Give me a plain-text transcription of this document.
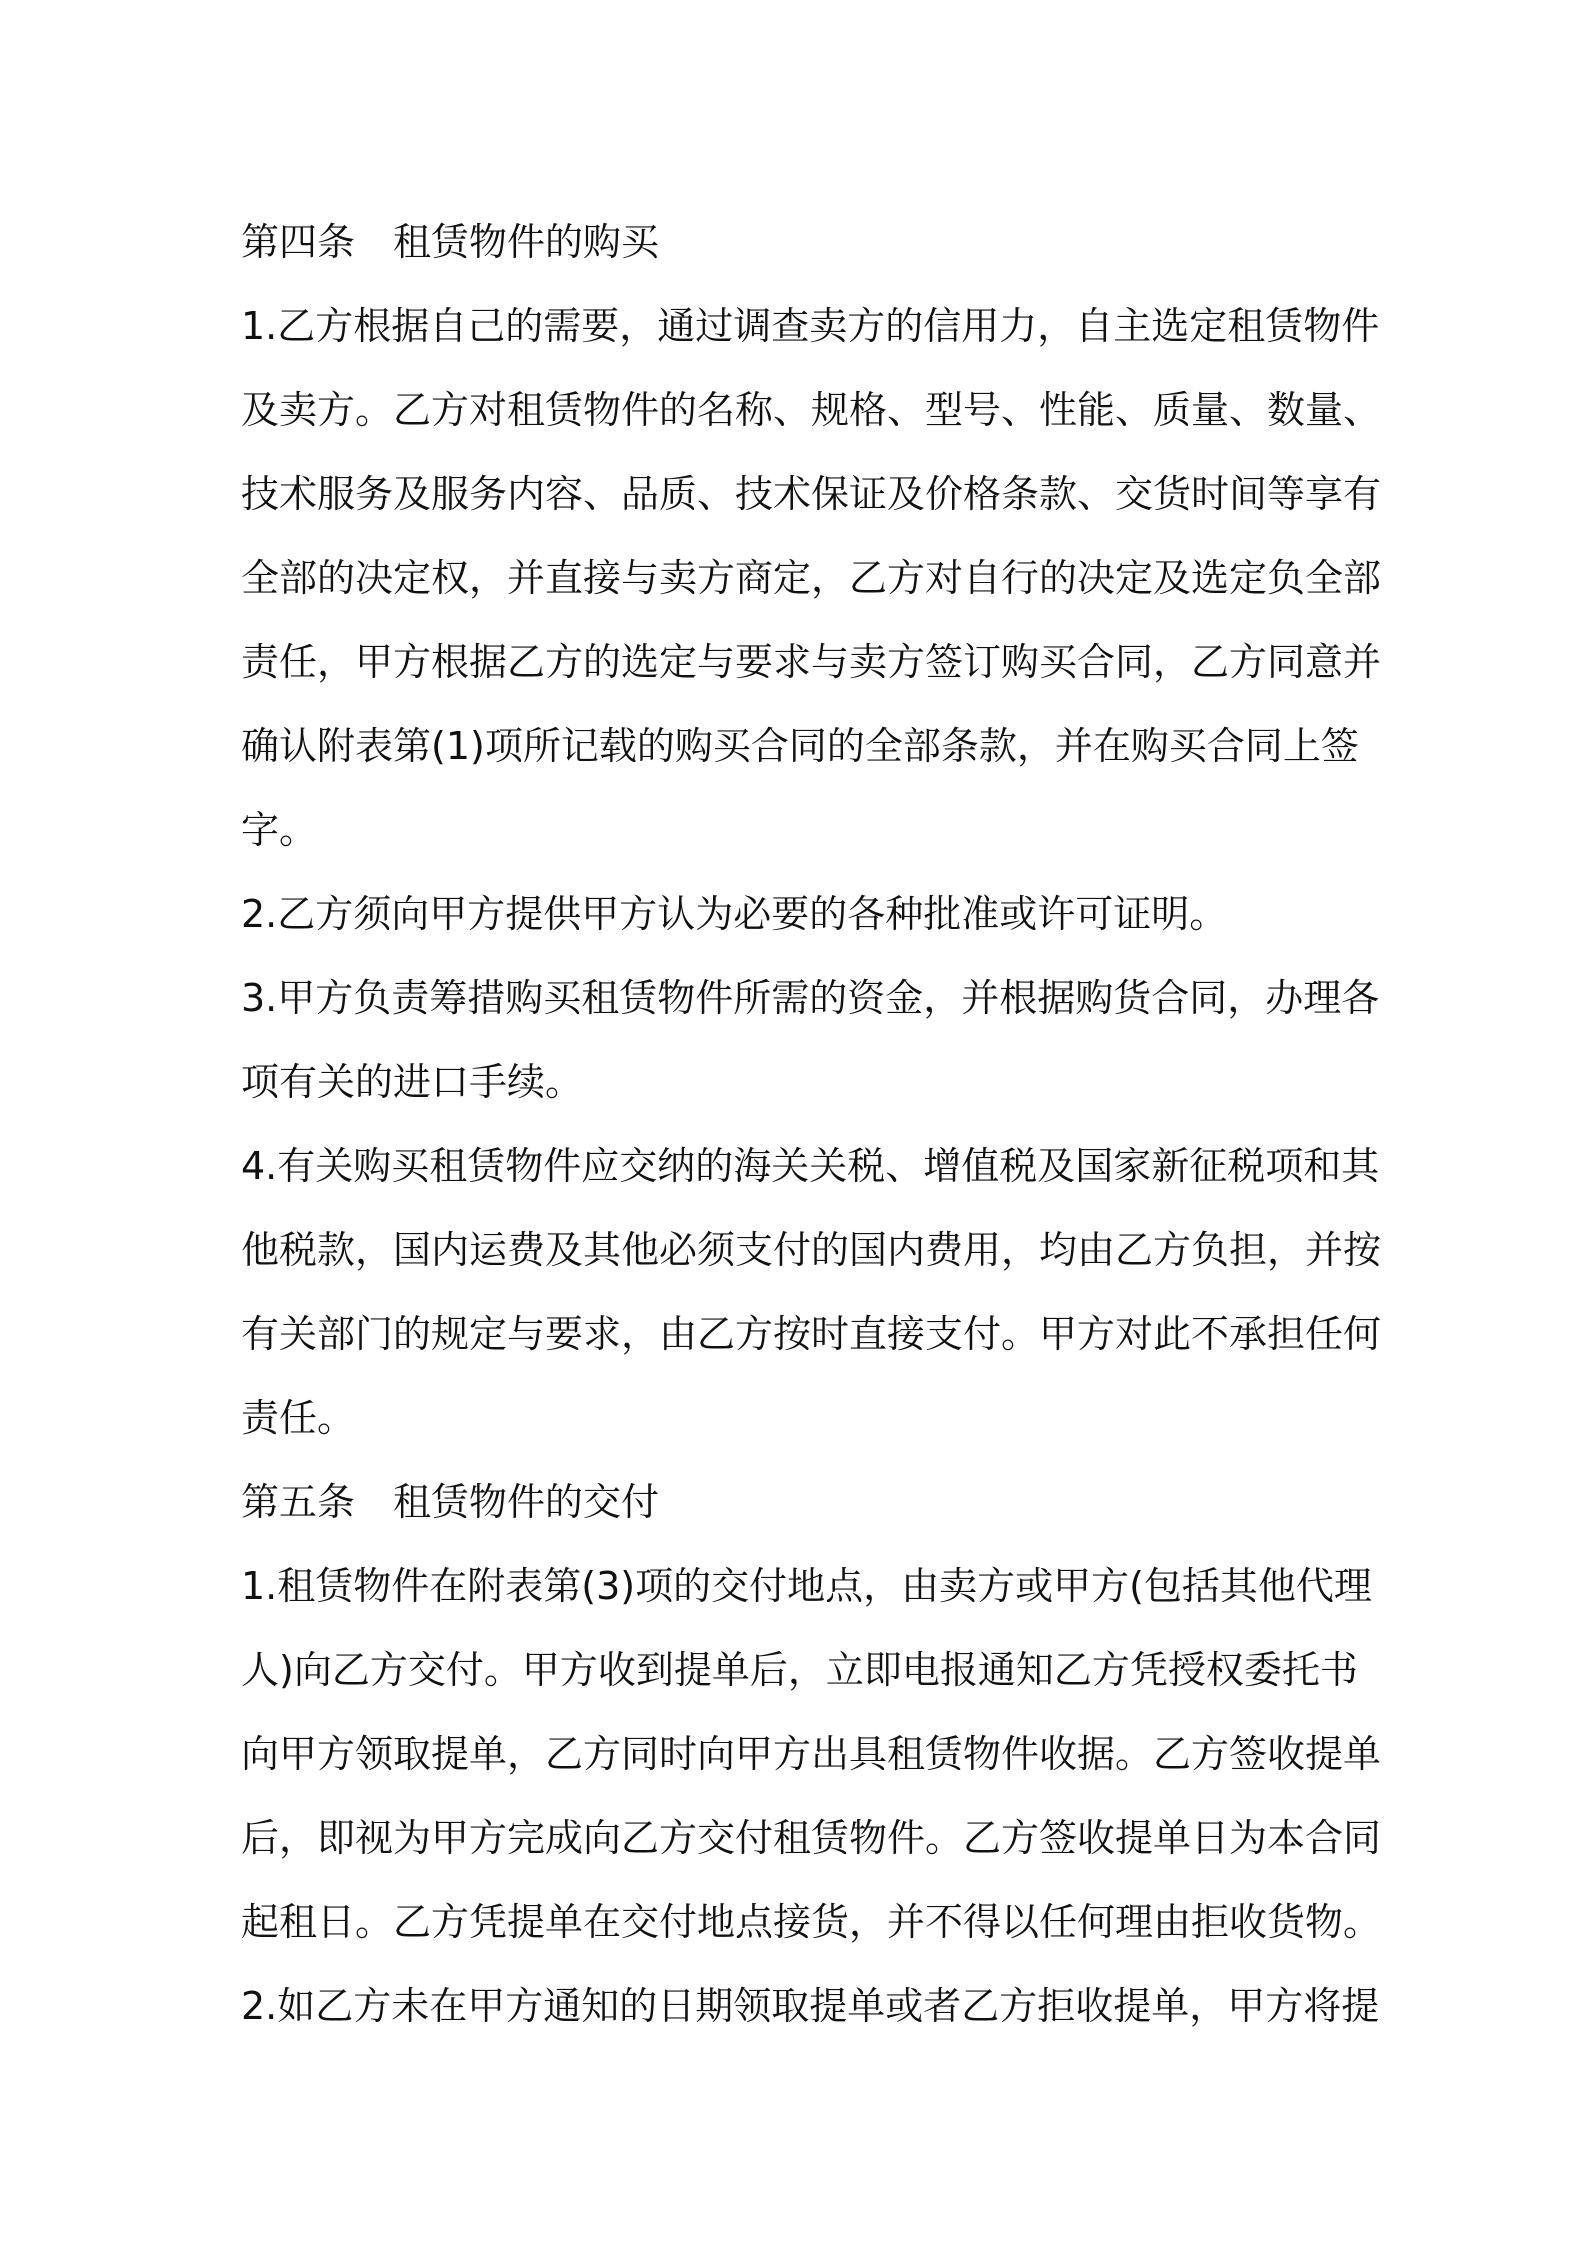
第四条　租赁物件的购买

1.乙方根据自己的需要，通过调查卖方的信用力，自主选定租赁物件
及卖方。乙方对租赁物件的名称、规格、型号、性能、质量、数量、
技术服务及服务内容、品质、技术保证及价格条款、交货时间等享有
全部的决定权，并直接与卖方商定，乙方对自行的决定及选定负全部
责任，甲方根据乙方的选定与要求与卖方签订购买合同，乙方同意并
确认附表第(1)项所记载的购买合同的全部条款，并在购买合同上签
字。

2.乙方须向甲方提供甲方认为必要的各种批准或许可证明。

3.甲方负责筹措购买租赁物件所需的资金，并根据购货合同，办理各
项有关的进口手续。

4.有关购买租赁物件应交纳的海关关税、增值税及国家新征税项和其
他税款，国内运费及其他必须支付的国内费用，均由乙方负担，并按
有关部门的规定与要求，由乙方按时直接支付。甲方对此不承担任何
责任。

第五条　租赁物件的交付

1.租赁物件在附表第(3)项的交付地点，由卖方或甲方(包括其他代理
人)向乙方交付。甲方收到提单后，立即电报通知乙方凭授权委托书
向甲方领取提单，乙方同时向甲方出具租赁物件收据。乙方签收提单
后，即视为甲方完成向乙方交付租赁物件。乙方签收提单日为本合同
起租日。乙方凭提单在交付地点接货，并不得以任何理由拒收货物。

2.如乙方未在甲方通知的日期领取提单或者乙方拒收提单，甲方将提
